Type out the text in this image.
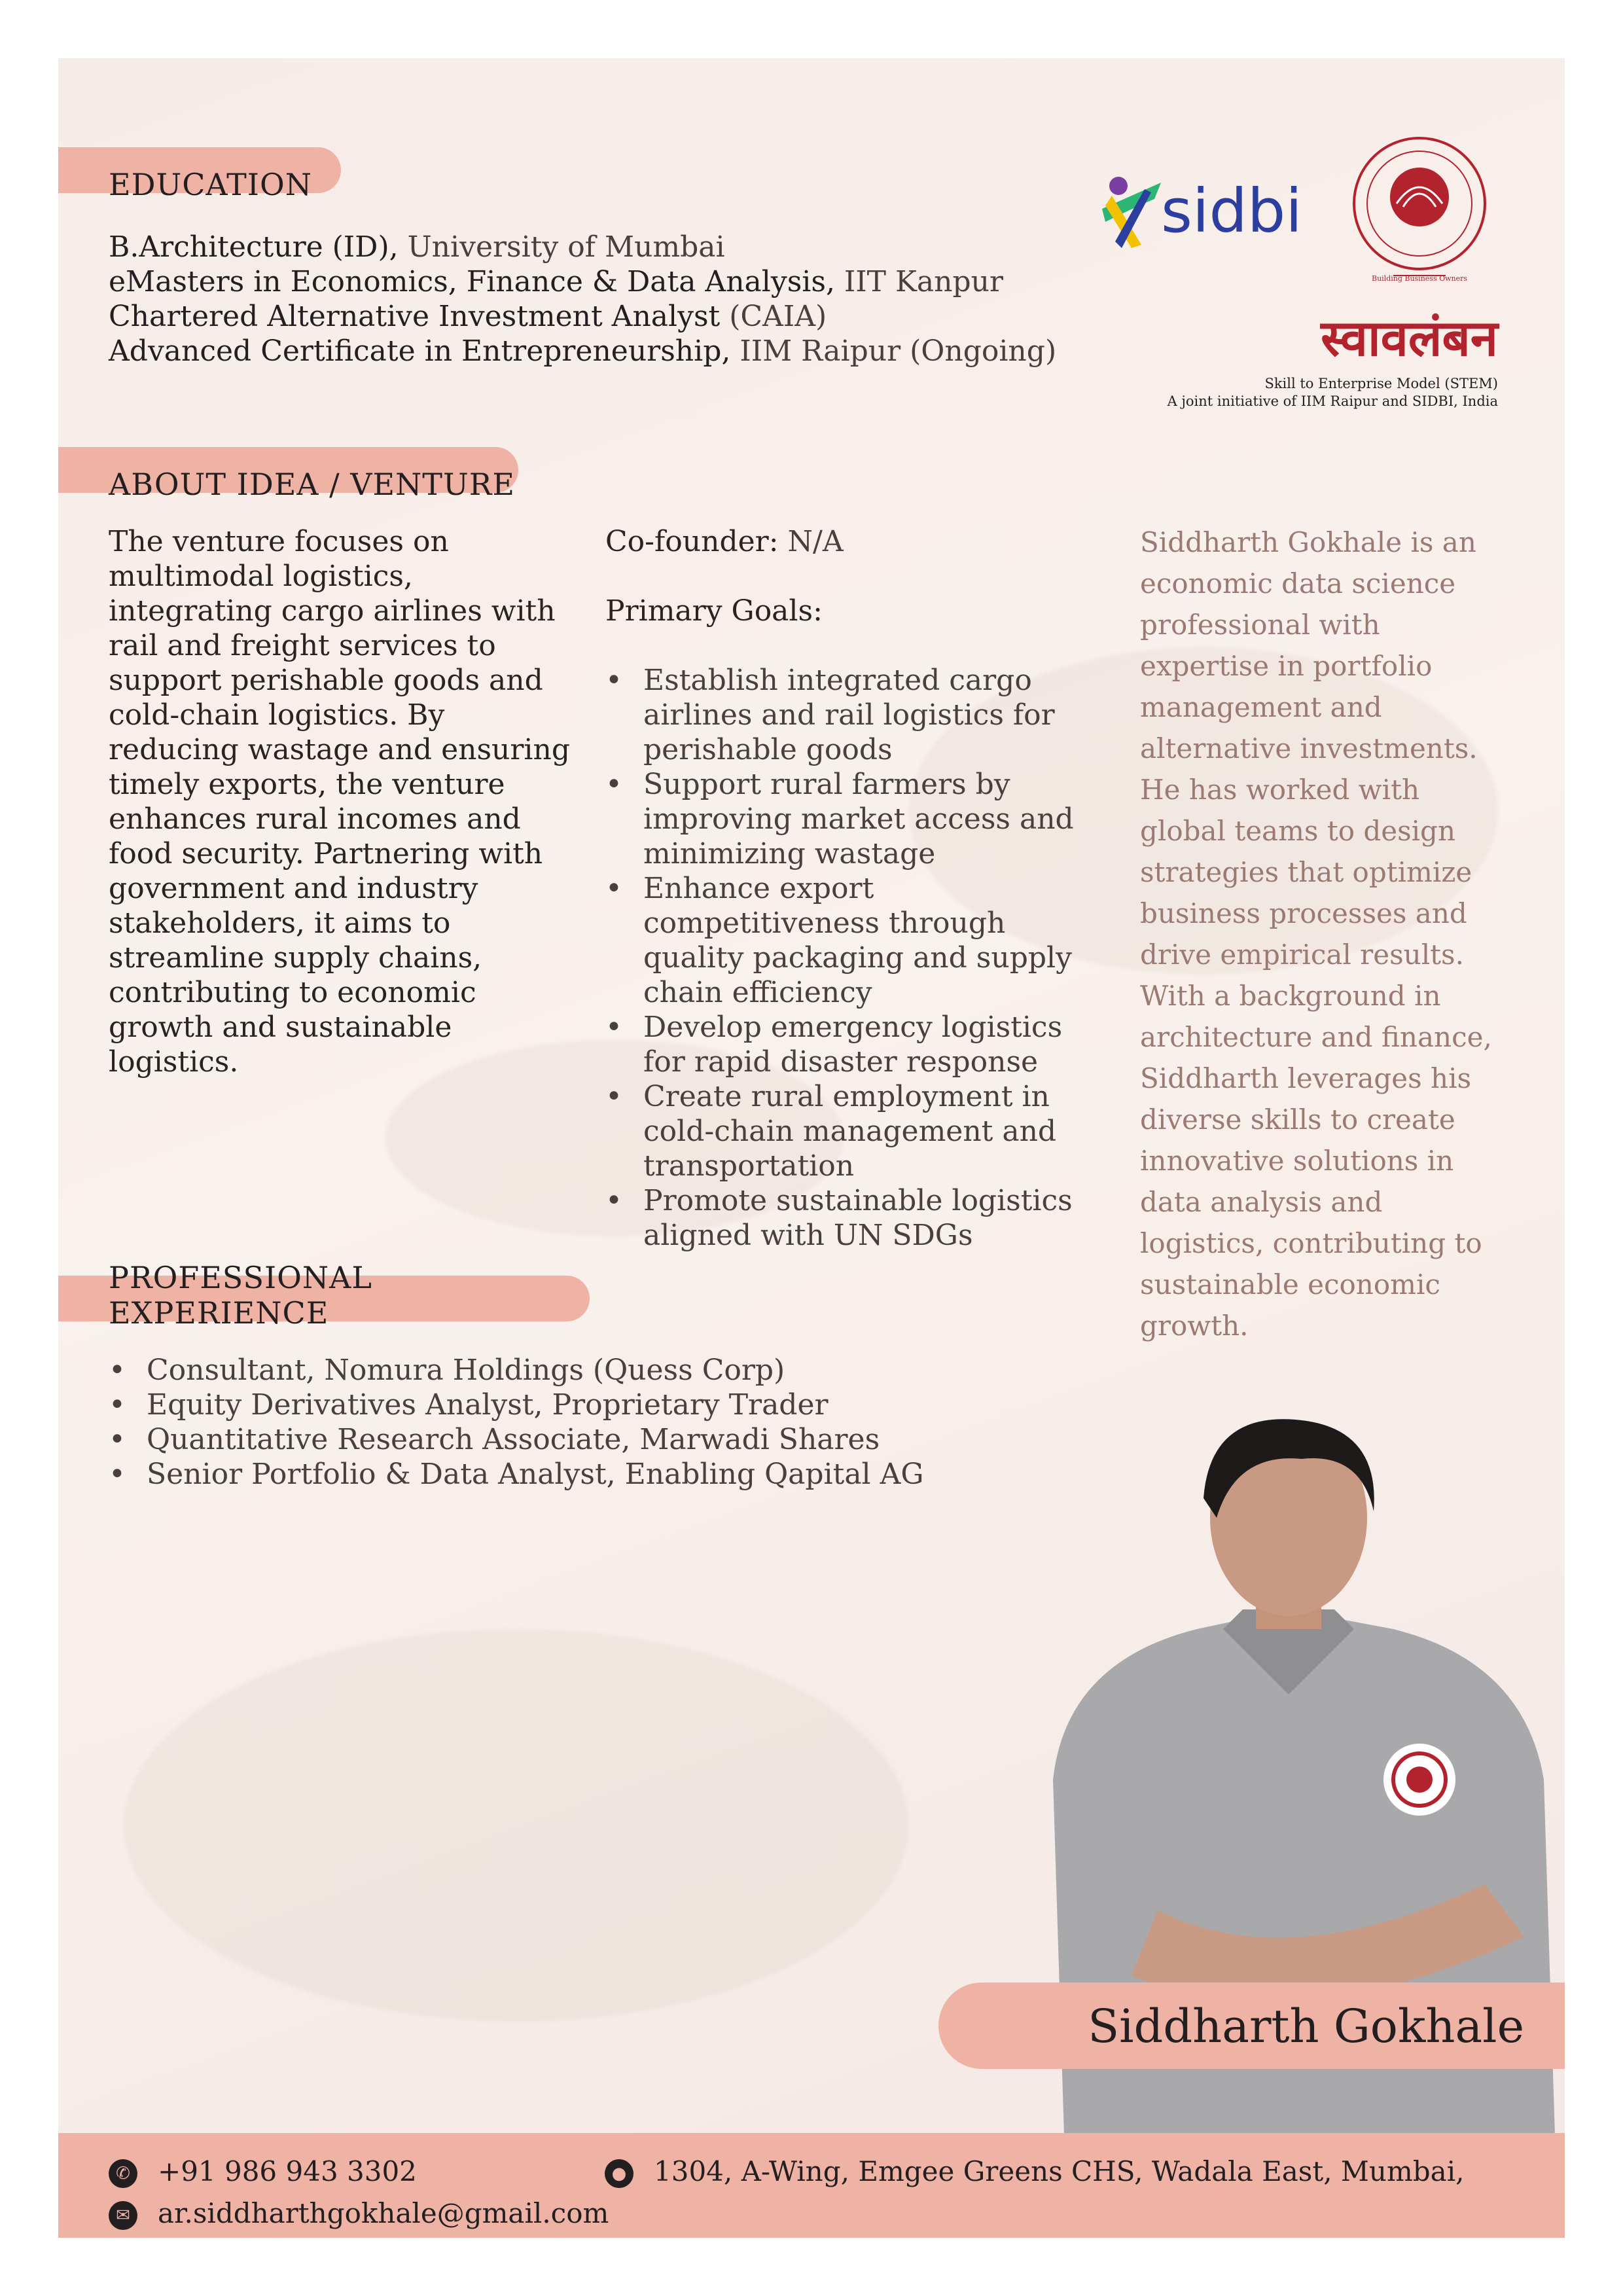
EDUCATION
B.Architecture (ID), University of Mumbai
eMasters in Economics, Finance & Data Analysis, IIT Kanpur
Chartered Alternative Investment Analyst (CAIA)
Advanced Certificate in Entrepreneurship, IIM Raipur (Ongoing)
sidbi
Building Business Owners
स्वावलंबन
Skill to Enterprise Model (STEM)
A joint initiative of IIM Raipur and SIDBI, India
ABOUT IDEA / VENTURE
The venture focuses on multimodal logistics, integrating cargo airlines with rail and freight services to support perishable goods and cold-chain logistics. By reducing wastage and ensuring timely exports, the venture enhances rural incomes and food security. Partnering with government and industry stakeholders, it aims to streamline supply chains, contributing to economic growth and sustainable logistics.
Co-founder: N/A
Primary Goals:
• Establish integrated cargo airlines and rail logistics for perishable goods
• Support rural farmers by improving market access and minimizing wastage
• Enhance export competitiveness through quality packaging and supply chain efficiency
• Develop emergency logistics for rapid disaster response
• Create rural employment in cold-chain management and transportation
• Promote sustainable logistics aligned with UN SDGs
Siddharth Gokhale is an economic data science professional with expertise in portfolio management and alternative investments. He has worked with global teams to design strategies that optimize business processes and drive empirical results. With a background in architecture and finance, Siddharth leverages his diverse skills to create innovative solutions in data analysis and logistics, contributing to sustainable economic growth.
PROFESSIONAL EXPERIENCE
• Consultant, Nomura Holdings (Quess Corp)
• Equity Derivatives Analyst, Proprietary Trader
• Quantitative Research Associate, Marwadi Shares
• Senior Portfolio & Data Analyst, Enabling Qapital AG
Siddharth Gokhale
✆ +91 986 943 3302
✉ ar.siddharthgokhale@gmail.com
● 1304, A-Wing, Emgee Greens CHS, Wadala East, Mumbai,
